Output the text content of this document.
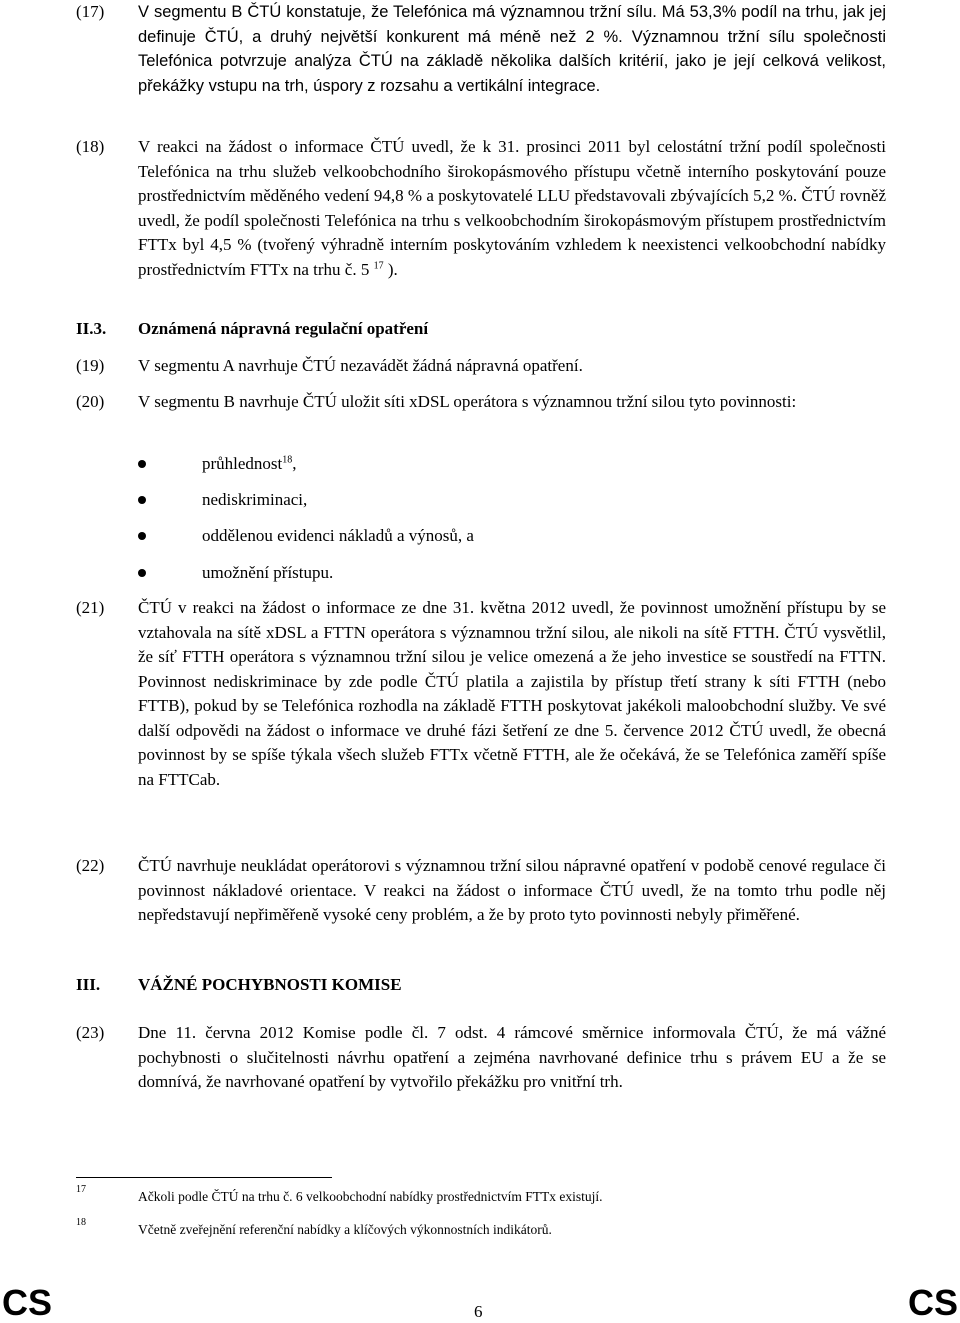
(17) V segmentu B ČTÚ konstatuje, že Telefónica má významnou tržní sílu. Má 53,3% podíl na trhu, jak jej definuje ČTÚ, a druhý největší konkurent má méně než 2 %. Významnou tržní sílu společnosti Telefónica potvrzuje analýza ČTÚ na základě několika dalších kritérií, jako je její celková velikost, překážky vstupu na trh, úspory z rozsahu a vertikální integrace.
(18) V reakci na žádost o informace ČTÚ uvedl, že k 31. prosinci 2011 byl celostátní tržní podíl společnosti Telefónica na trhu služeb velkoobchodního širokopásmového přístupu včetně interního poskytování pouze prostřednictvím měděného vedení 94,8 % a poskytovatelé LLU představovali zbývajících 5,2 %. ČTÚ rovněž uvedl, že podíl společnosti Telefónica na trhu s velkoobchodním širokopásmovým přístupem prostřednictvím FTTx byl 4,5 % (tvořený výhradně interním poskytováním vzhledem k neexistenci velkoobchodní nabídky prostřednictvím FTTx na trhu č. 5 $^{17}$ ).
II.3. Oznámená nápravná regulační opatření
(19) V segmentu A navrhuje ČTÚ nezavádět žádná nápravná opatření.
(20) V segmentu B navrhuje ČTÚ uložit síti xDSL operátora s významnou tržní silou tyto povinnosti:
průhlednost$^{18}$,
nediskriminaci,
oddělenou evidenci nákladů a výnosů, a
umožnění přístupu.
(21) ČTÚ v reakci na žádost o informace ze dne 31. května 2012 uvedl, že povinnost umožnění přístupu by se vztahovala na sítě xDSL a FTTN operátora s významnou tržní silou, ale nikoli na sítě FTTH. ČTÚ vysvětlil, že síť FTTH operátora s významnou tržní silou je velice omezená a že jeho investice se soustředí na FTTN. Povinnost nediskriminace by zde podle ČTÚ platila a zajistila by přístup třetí strany k síti FTTH (nebo FTTB), pokud by se Telefónica rozhodla na základě FTTH poskytovat jakékoli maloobchodní služby. Ve své další odpovědi na žádost o informace ve druhé fázi šetření ze dne 5. července 2012 ČTÚ uvedl, že obecná povinnost by se spíše týkala všech služeb FTTx včetně FTTH, ale že očekává, že se Telefónica zaměří spíše na FTTCab.
(22) ČTÚ navrhuje neukládat operátorovi s významnou tržní silou nápravné opatření v podobě cenové regulace či povinnost nákladové orientace. V reakci na žádost o informace ČTÚ uvedl, že na tomto trhu podle něj nepředstavují nepřiměřeně vysoké ceny problém, a že by proto tyto povinnosti nebyly přiměřené.
III. VÁŽNÉ POCHYBNOSTI KOMISE
(23) Dne 11. června 2012 Komise podle čl. 7 odst. 4 rámcové směrnice informovala ČTÚ, že má vážné pochybnosti o slučitelnosti návrhu opatření a zejména navrhované definice trhu s právem EU a že se domnívá, že navrhované opatření by vytvořilo překážku pro vnitřní trh.
17	Ačkoli podle ČTÚ na trhu č. 6 velkoobchodní nabídky prostřednictvím FTTx existují.
18	Včetně zveřejnění referenční nabídky a klíčových výkonnostních indikátorů.
CS	6	CS
